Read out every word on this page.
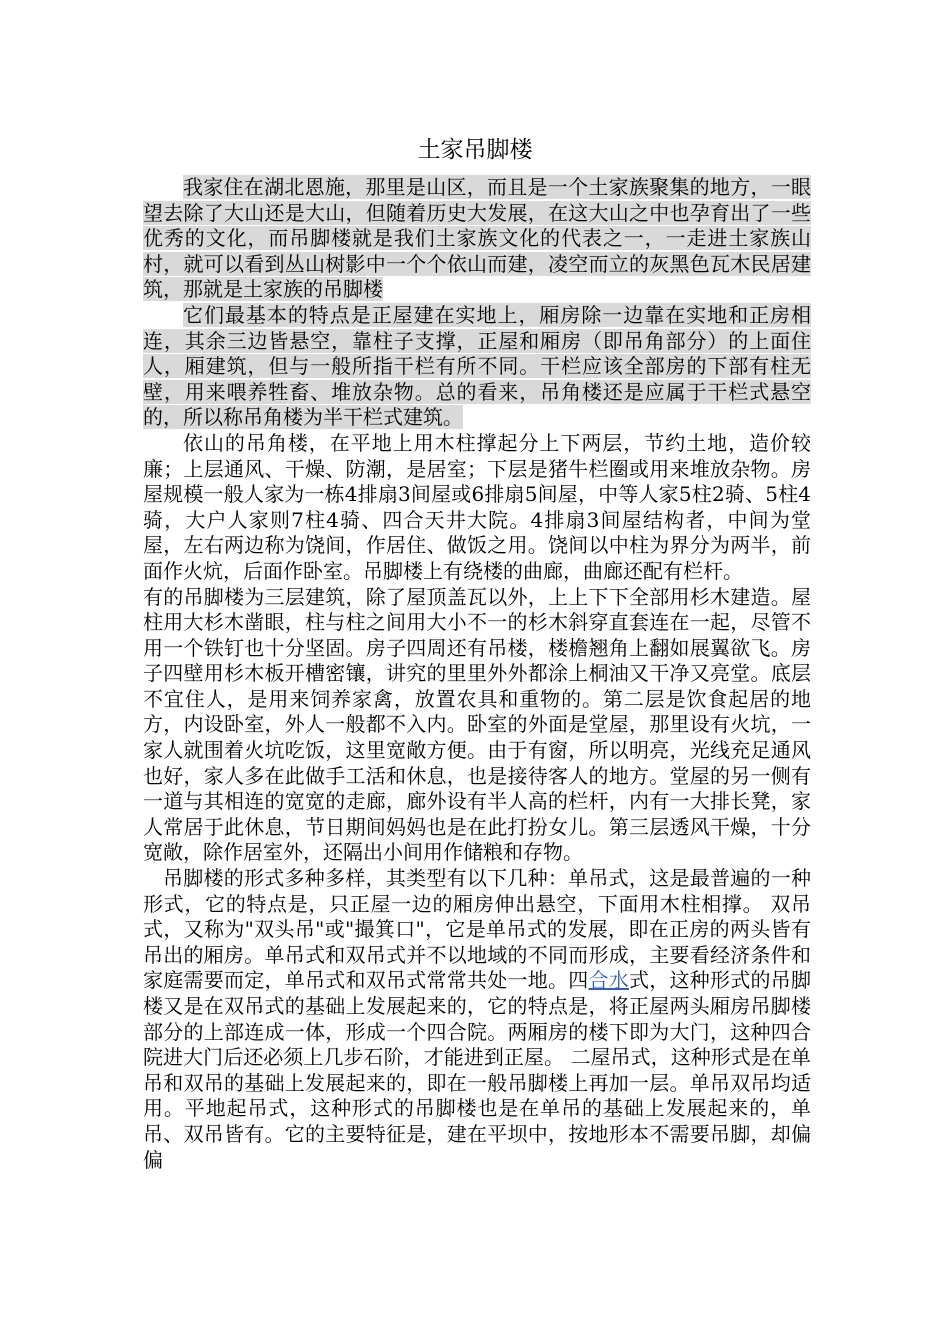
土家吊脚楼

我家住在湖北恩施，那里是山区，而且是一个土家族聚集的地方，一眼望去除了大山还是大山，但随着历史大发展，在这大山之中也孕育出了一些优秀的文化，而吊脚楼就是我们土家族文化的代表之一，一走进土家族山村，就可以看到丛山树影中一个个依山而建，凌空而立的灰黑色瓦木民居建筑，那就是土家族的吊脚楼

它们最基本的特点是正屋建在实地上，厢房除一边靠在实地和正房相连，其余三边皆悬空，靠柱子支撑，正屋和厢房（即吊角部分）的上面住人，厢建筑，但与一般所指干栏有所不同。干栏应该全部房的下部有柱无壁，用来喂养牲畜、堆放杂物。总的看来，吊角楼还是应属于干栏式悬空的，所以称吊角楼为半干栏式建筑。

依山的吊角楼，在平地上用木柱撑起分上下两层，节约土地，造价较廉；上层通风、干燥、防潮，是居室；下层是猪牛栏圈或用来堆放杂物。房屋规模一般人家为一栋4排扇3间屋或6排扇5间屋，中等人家5柱2骑、5柱4骑，大户人家则7柱4骑、四合天井大院。4排扇3间屋结构者，中间为堂屋，左右两边称为饶间，作居住、做饭之用。饶间以中柱为界分为两半，前面作火炕，后面作卧室。吊脚楼上有绕楼的曲廊，曲廊还配有栏杆。

有的吊脚楼为三层建筑，除了屋顶盖瓦以外，上上下下全部用杉木建造。屋柱用大杉木凿眼，柱与柱之间用大小不一的杉木斜穿直套连在一起，尽管不用一个铁钉也十分坚固。房子四周还有吊楼，楼檐翘角上翻如展翼欲飞。房子四壁用杉木板开槽密镶，讲究的里里外外都涂上桐油又干净又亮堂。底层不宜住人，是用来饲养家禽，放置农具和重物的。第二层是饮食起居的地方，内设卧室，外人一般都不入内。卧室的外面是堂屋，那里设有火坑，一家人就围着火坑吃饭，这里宽敞方便。由于有窗，所以明亮，光线充足通风也好，家人多在此做手工活和休息，也是接待客人的地方。堂屋的另一侧有一道与其相连的宽宽的走廊，廊外设有半人高的栏杆，内有一大排长凳，家人常居于此休息，节日期间妈妈也是在此打扮女儿。第三层透风干燥，十分宽敞，除作居室外，还隔出小间用作储粮和存物。

吊脚楼的形式多种多样，其类型有以下几种：单吊式，这是最普遍的一种形式，它的特点是，只正屋一边的厢房伸出悬空，下面用木柱相撑。 双吊式，又称为"双头吊"或"撮箕口"，它是单吊式的发展，即在正房的两头皆有吊出的厢房。单吊式和双吊式并不以地域的不同而形成，主要看经济条件和家庭需要而定，单吊式和双吊式常常共处一地。四合水式，这种形式的吊脚楼又是在双吊式的基础上发展起来的，它的特点是，将正屋两头厢房吊脚楼部分的上部连成一体，形成一个四合院。两厢房的楼下即为大门，这种四合院进大门后还必须上几步石阶，才能进到正屋。 二屋吊式，这种形式是在单吊和双吊的基础上发展起来的，即在一般吊脚楼上再加一层。单吊双吊均适用。平地起吊式，这种形式的吊脚楼也是在单吊的基础上发展起来的，单吊、双吊皆有。它的主要特征是，建在平坝中，按地形本不需要吊脚，却偏偏
